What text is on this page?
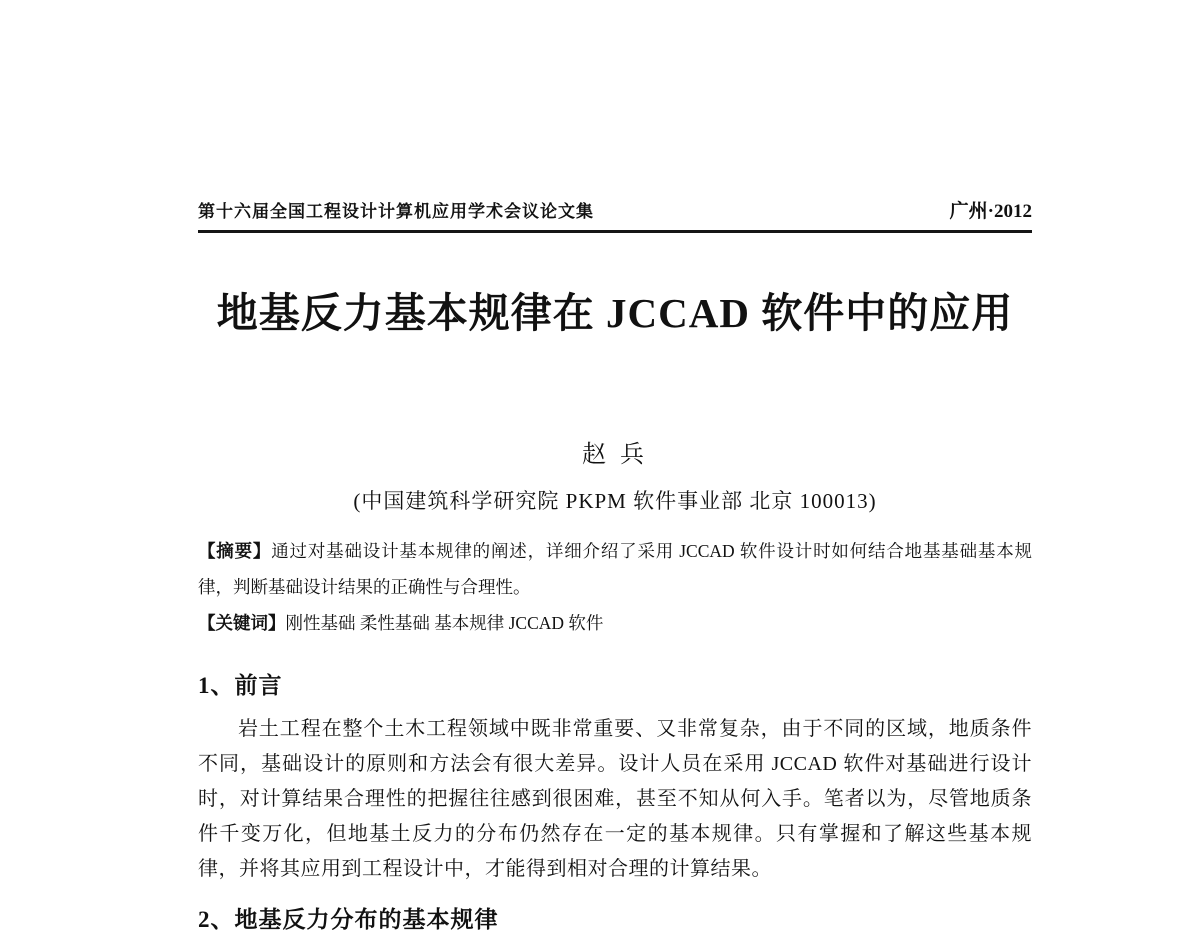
第十六届全国工程设计计算机应用学术会议论文集	广州·2012
地基反力基本规律在 JCCAD 软件中的应用
赵 兵
(中国建筑科学研究院 PKPM 软件事业部 北京 100013)

【摘要】通过对基础设计基本规律的阐述，详细介绍了采用 JCCAD 软件设计时如何结合地基基础基本规律，判断基础设计结果的正确性与合理性。

【关键词】刚性基础 柔性基础 基本规律 JCCAD 软件

1、前言

岩土工程在整个土木工程领域中既非常重要、又非常复杂，由于不同的区域，地质条件不同，基础设计的原则和方法会有很大差异。设计人员在采用 JCCAD 软件对基础进行设计时，对计算结果合理性的把握往往感到很困难，甚至不知从何入手。笔者以为，尽管地质条件千变万化，但地基土反力的分布仍然存在一定的基本规律。只有掌握和了解这些基本规律，并将其应用到工程设计中，才能得到相对合理的计算结果。

2、地基反力分布的基本规律
